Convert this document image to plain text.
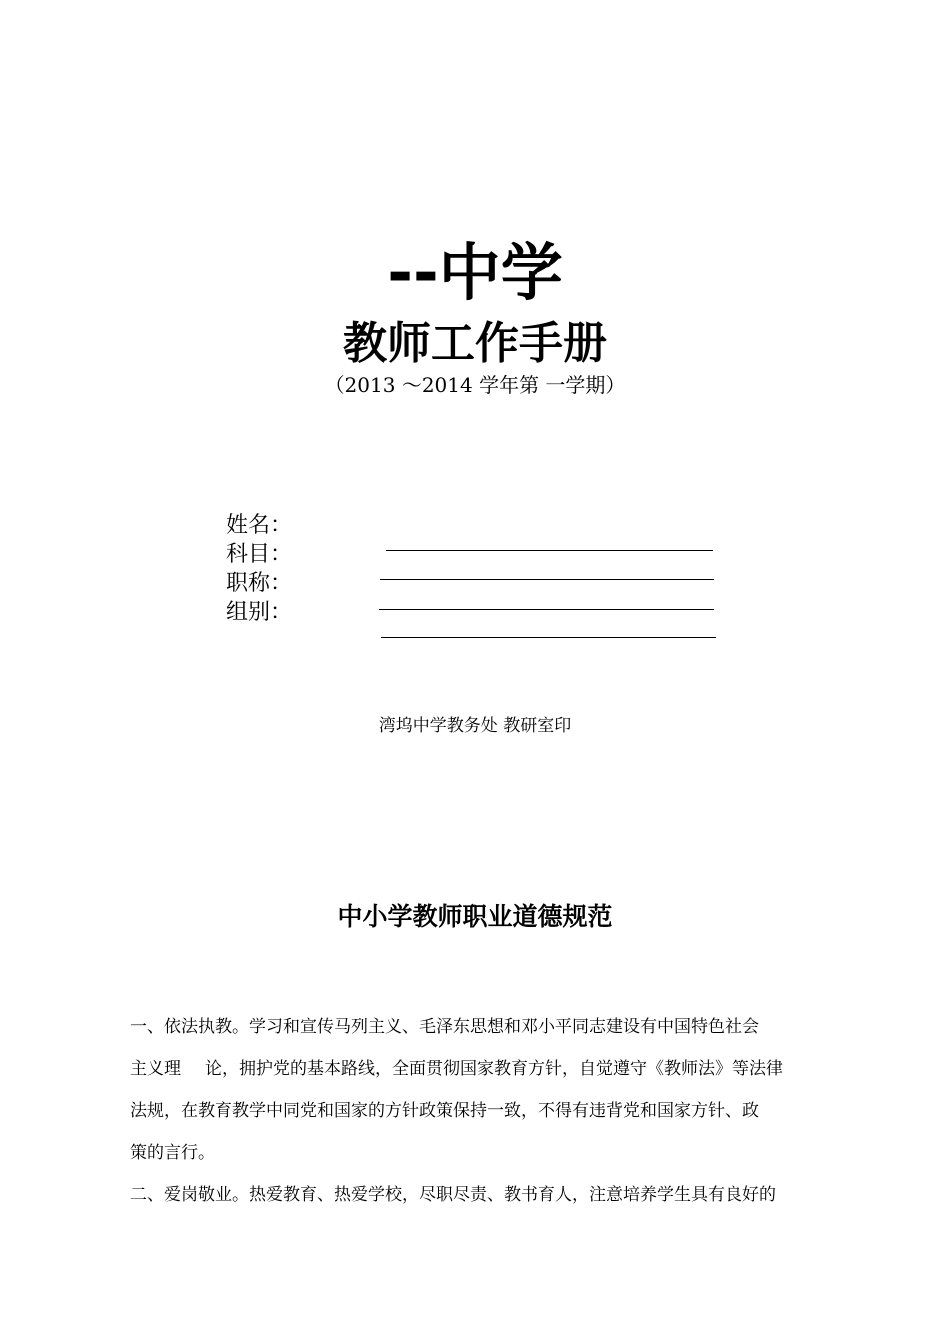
--中学
教师工作手册
（2013 ～2014 学年第 一学期）
姓名：
科目：
职称：
组别：
湾坞中学教务处 教研室印
中小学教师职业道德规范
一、依法执教。学习和宣传马列主义、毛泽东思想和邓小平同志建设有中国特色社会
主义理 论，拥护党的基本路线，全面贯彻国家教育方针，自觉遵守《教师法》等法律
法规，在教育教学中同党和国家的方针政策保持一致，不得有违背党和国家方针、政
策的言行。
二、爱岗敬业。热爱教育、热爱学校，尽职尽责、教书育人，注意培养学生具有良好的
